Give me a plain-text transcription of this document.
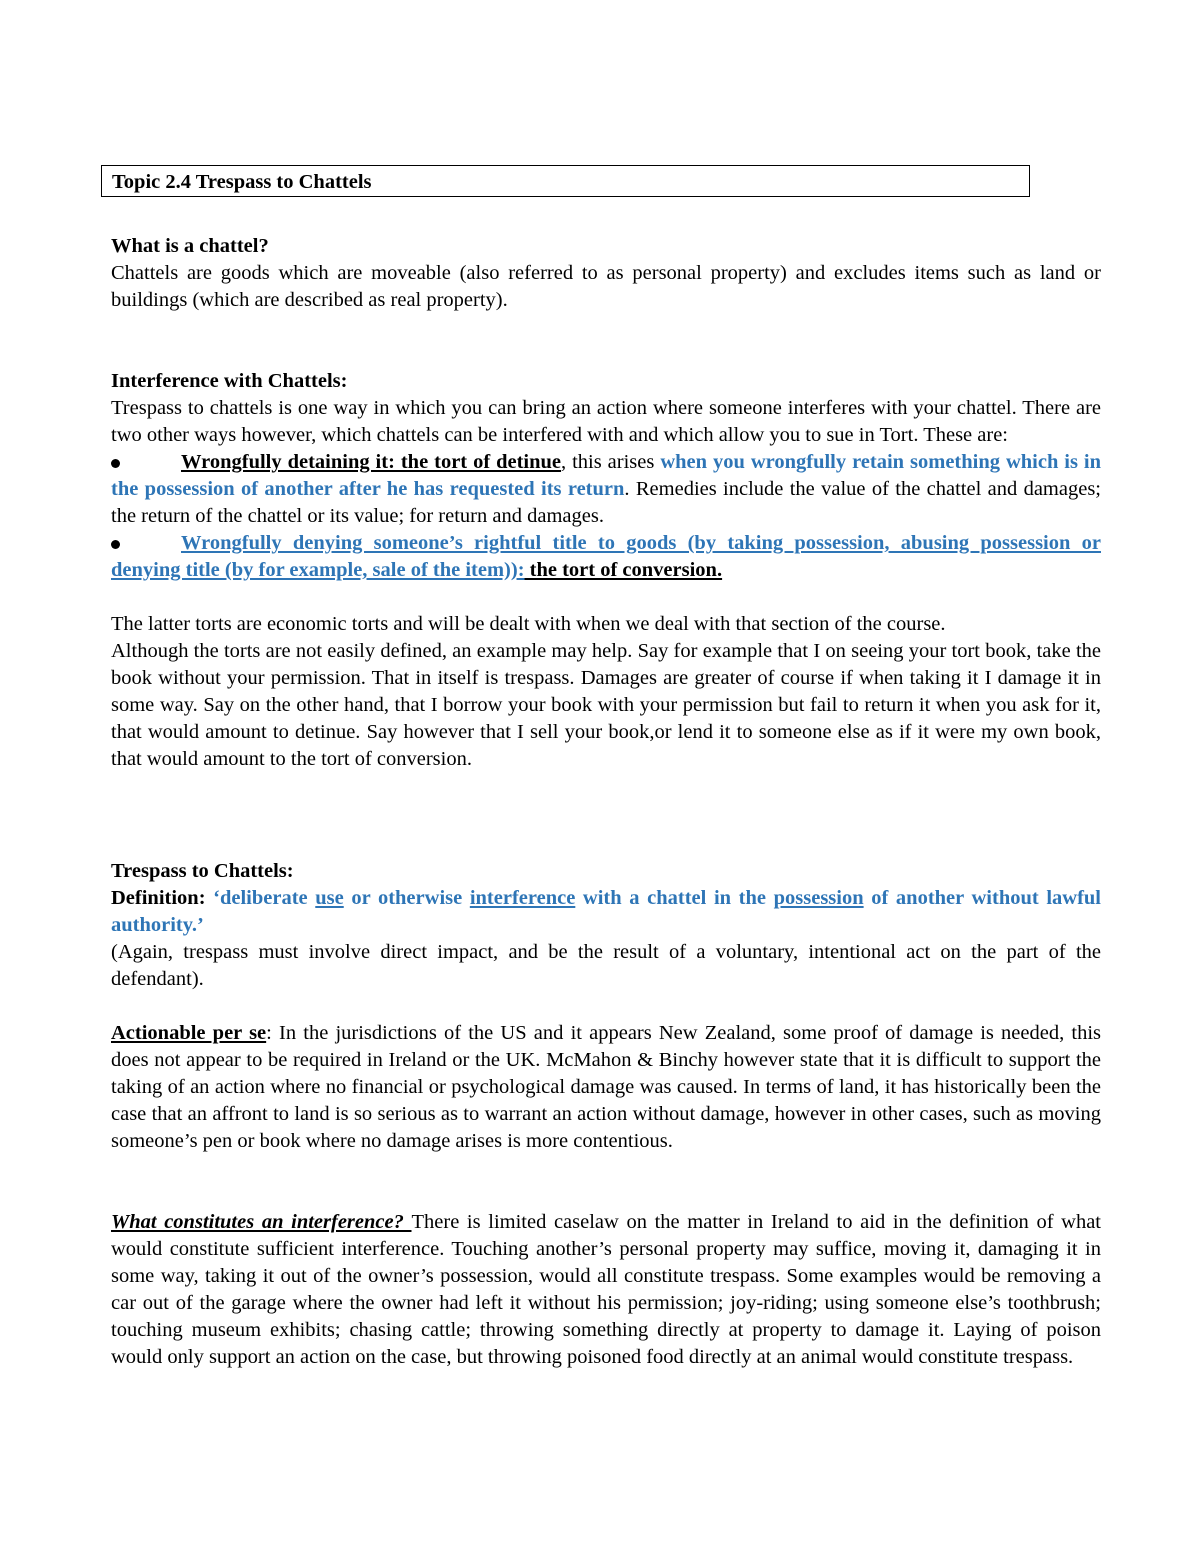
Topic 2.4 Trespass to Chattels
What is a chattel?
Chattels are goods which are moveable (also referred to as personal property) and excludes items such as land or buildings (which are described as real property).
Interference with Chattels:
Trespass to chattels is one way in which you can bring an action where someone interferes with your chattel. There are two other ways however, which chattels can be interfered with and which allow you to sue in Tort. These are:
Wrongfully detaining it: the tort of detinue, this arises when you wrongfully retain something which is in the possession of another after he has requested its return. Remedies include the value of the chattel and damages; the return of the chattel or its value; for return and damages.
Wrongfully denying someone’s rightful title to goods (by taking possession, abusing possession or denying title (by for example, sale of the item)): the tort of conversion.
The latter torts are economic torts and will be dealt with when we deal with that section of the course.
Although the torts are not easily defined, an example may help. Say for example that I on seeing your tort book, take the book without your permission. That in itself is trespass. Damages are greater of course if when taking it I damage it in some way. Say on the other hand, that I borrow your book with your permission but fail to return it when you ask for it, that would amount to detinue. Say however that I sell your book,or lend it to someone else as if it were my own book, that would amount to the tort of conversion.
Trespass to Chattels:
Definition: ‘deliberate use or otherwise interference with a chattel in the possession of another without lawful authority.’
(Again, trespass must involve direct impact, and be the result of a voluntary, intentional act on the part of the defendant).
Actionable per se: In the jurisdictions of the US and it appears New Zealand, some proof of damage is needed, this does not appear to be required in Ireland or the UK. McMahon & Binchy however state that it is difficult to support the taking of an action where no financial or psychological damage was caused. In terms of land, it has historically been the case that an affront to land is so serious as to warrant an action without damage, however in other cases, such as moving someone’s pen or book where no damage arises is more contentious.
What constitutes an interference? There is limited caselaw on the matter in Ireland to aid in the definition of what would constitute sufficient interference. Touching another’s personal property may suffice, moving it, damaging it in some way, taking it out of the owner’s possession, would all constitute trespass. Some examples would be removing a car out of the garage where the owner had left it without his permission; joy-riding; using someone else’s toothbrush; touching museum exhibits; chasing cattle; throwing something directly at property to damage it. Laying of poison would only support an action on the case, but throwing poisoned food directly at an animal would constitute trespass.
